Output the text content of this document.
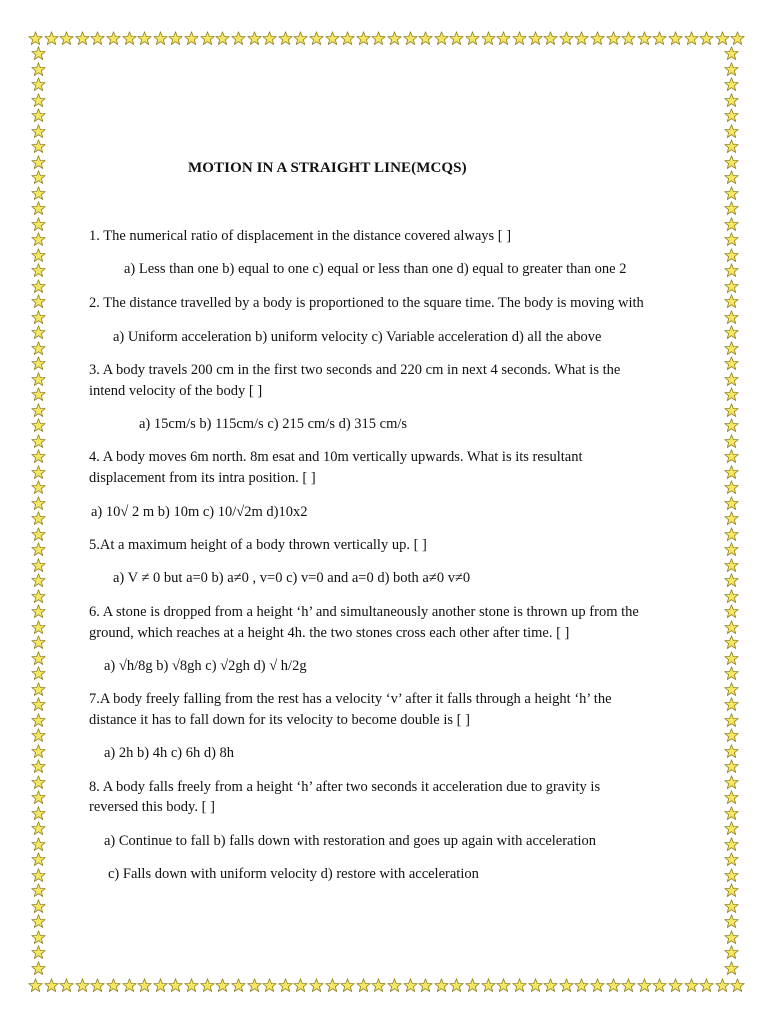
MOTION IN A STRAIGHT LINE(MCQS)
1. The numerical ratio of displacement in the distance covered always [ ]
a) Less than one b) equal to one c) equal or less than one d) equal to greater than one 2
2. The distance travelled by a body is proportioned to the square time. The body is moving with
a) Uniform acceleration b) uniform velocity c) Variable acceleration d) all the above
3. A body travels 200 cm in the first two seconds and 220 cm in next 4 seconds. What is the
intend velocity of the body [ ]
a) 15cm/s b) 115cm/s c) 215 cm/s d) 315 cm/s
4. A body moves 6m north. 8m esat and 10m vertically upwards. What is its resultant
displacement from its intra position. [ ]
a) 10√ 2 m b) 10m c) 10/√2m d)10x2
5.At a maximum height of a body thrown vertically up. [ ]
a) V ≠ 0 but a=0 b) a≠0 , v=0 c) v=0 and a=0 d) both a≠0 v≠0
6. A stone is dropped from a height ‘h’ and simultaneously another stone is thrown up from the
ground, which reaches at a height 4h. the two stones cross each other after time. [ ]
a) √h/8g b) √8gh c) √2gh d) √ h/2g
7.A body freely falling from the rest has a velocity ‘v’ after it falls through a height ‘h’ the
distance it has to fall down for its velocity to become double is [ ]
a) 2h b) 4h c) 6h d) 8h
8. A body falls freely from a height ‘h’ after two seconds it acceleration due to gravity is
reversed this body. [ ]
a) Continue to fall b) falls down with restoration and goes up again with acceleration
c) Falls down with uniform velocity d) restore with acceleration
